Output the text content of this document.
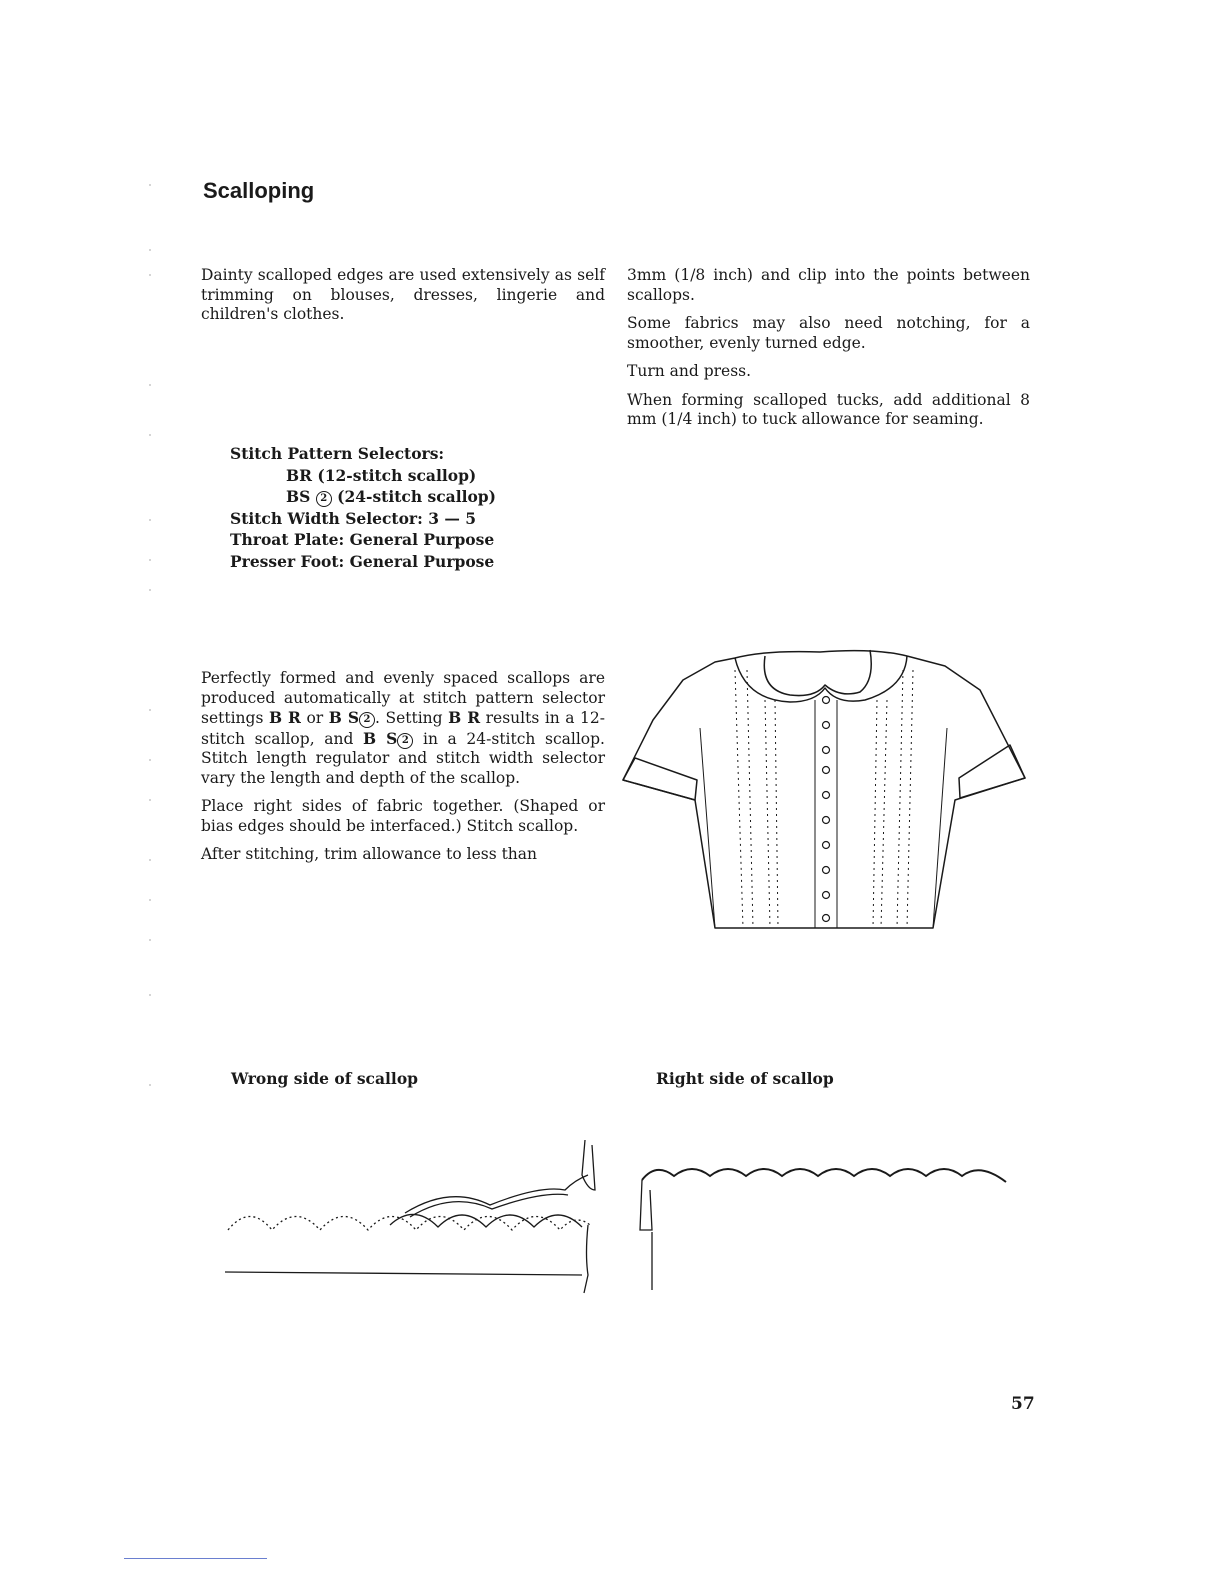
Scalloping

Dainty scalloped edges are used extensively as self trimming on blouses, dresses, lingerie and children's clothes.

Stitch Pattern Selectors:
BR (12-stitch scallop)
BS 2 (24-stitch scallop)
Stitch Width Selector: 3 — 5
Throat Plate: General Purpose
Presser Foot: General Purpose

Perfectly formed and evenly spaced scallops are produced automatically at stitch pattern selector settings B R or B S 2 . Setting B R results in a 12-stitch scallop, and B S 2 in a 24-stitch scallop. Stitch length regulator and stitch width selector vary the length and depth of the scallop.

Place right sides of fabric together. (Shaped or bias edges should be interfaced.) Stitch scallop.

After stitching, trim allowance to less than

3mm (1/8 inch) and clip into the points between scallops.

Some fabrics may also need notching, for a smoother, evenly turned edge.

Turn and press.

When forming scalloped tucks, add additional 8 mm (1/4 inch) to tuck allowance for seaming.

Wrong side of scallop	Right side of scallop
57
